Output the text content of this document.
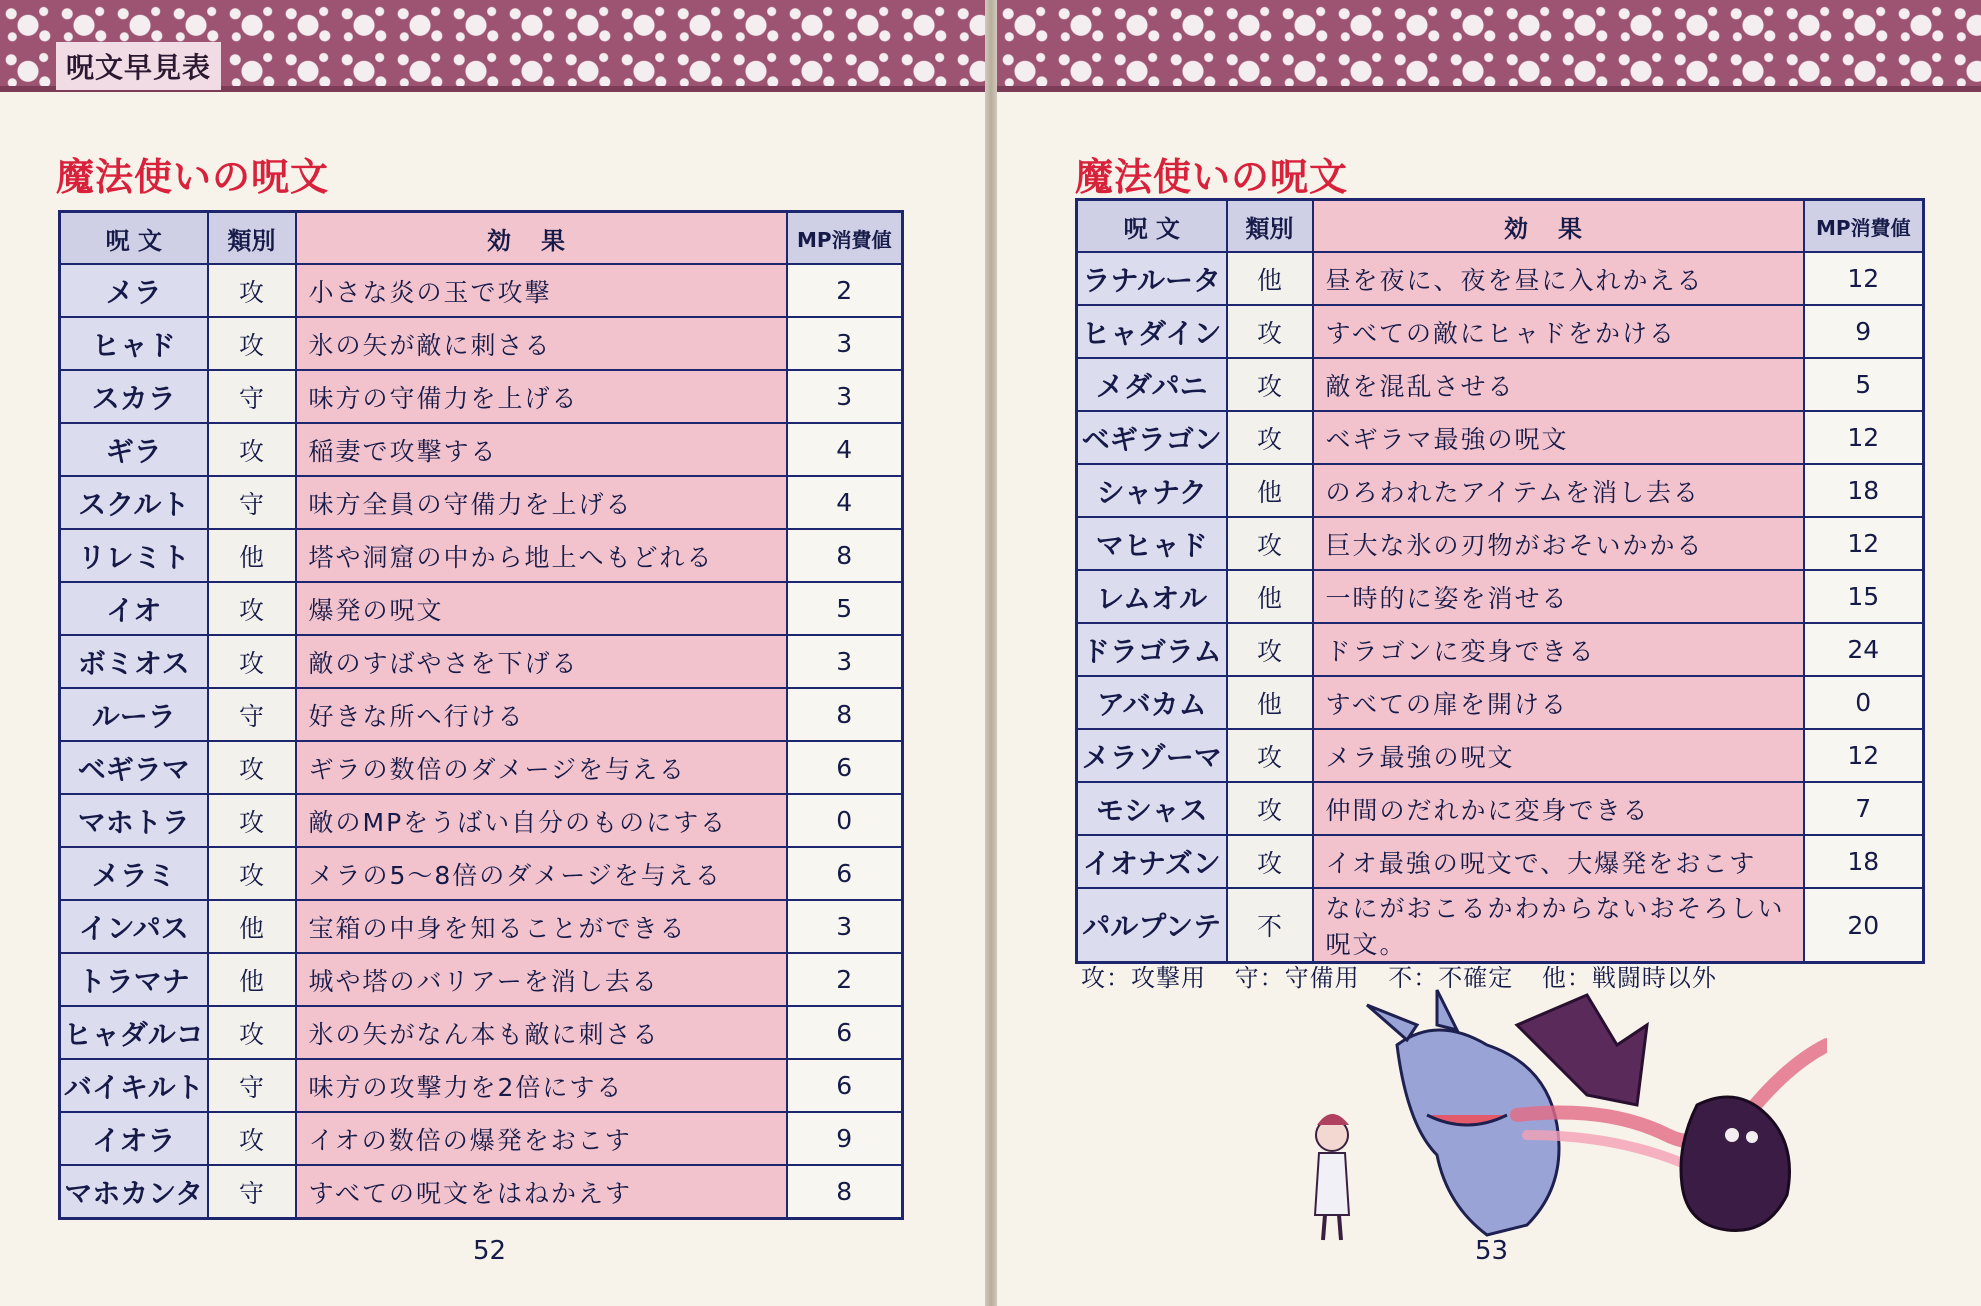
呪文早見表
魔法使いの呪文
呪 文	類別	効果	MP消費値
メラ	攻	小さな炎の玉で攻撃	2
ヒャド	攻	氷の矢が敵に刺さる	3
スカラ	守	味方の守備力を上げる	3
ギラ	攻	稲妻で攻撃する	4
スクルト	守	味方全員の守備力を上げる	4
リレミト	他	塔や洞窟の中から地上へもどれる	8
イオ	攻	爆発の呪文	5
ボミオス	攻	敵のすばやさを下げる	3
ルーラ	守	好きな所へ行ける	8
ベギラマ	攻	ギラの数倍のダメージを与える	6
マホトラ	攻	敵のMPをうばい自分のものにする	0
メラミ	攻	メラの5～8倍のダメージを与える	6
インパス	他	宝箱の中身を知ることができる	3
トラマナ	他	城や塔のバリアーを消し去る	2
ヒャダルコ	攻	氷の矢がなん本も敵に刺さる	6
バイキルト	守	味方の攻撃力を2倍にする	6
イオラ	攻	イオの数倍の爆発をおこす	9
マホカンタ	守	すべての呪文をはねかえす	8
52
魔法使いの呪文
呪 文	類別	効果	MP消費値
ラナルータ	他	昼を夜に、夜を昼に入れかえる	12
ヒャダイン	攻	すべての敵にヒャドをかける	9
メダパニ	攻	敵を混乱させる	5
ベギラゴン	攻	ベギラマ最強の呪文	12
シャナク	他	のろわれたアイテムを消し去る	18
マヒャド	攻	巨大な氷の刃物がおそいかかる	12
レムオル	他	一時的に姿を消せる	15
ドラゴラム	攻	ドラゴンに変身できる	24
アバカム	他	すべての扉を開ける	0
メラゾーマ	攻	メラ最強の呪文	12
モシャス	攻	仲間のだれかに変身できる	7
イオナズン	攻	イオ最強の呪文で、大爆発をおこす	18
パルプンテ	不	なにがおこるかわからないおそろしい呪文。	20
攻：攻撃用 守：守備用 不：不確定 他：戦闘時以外
53
